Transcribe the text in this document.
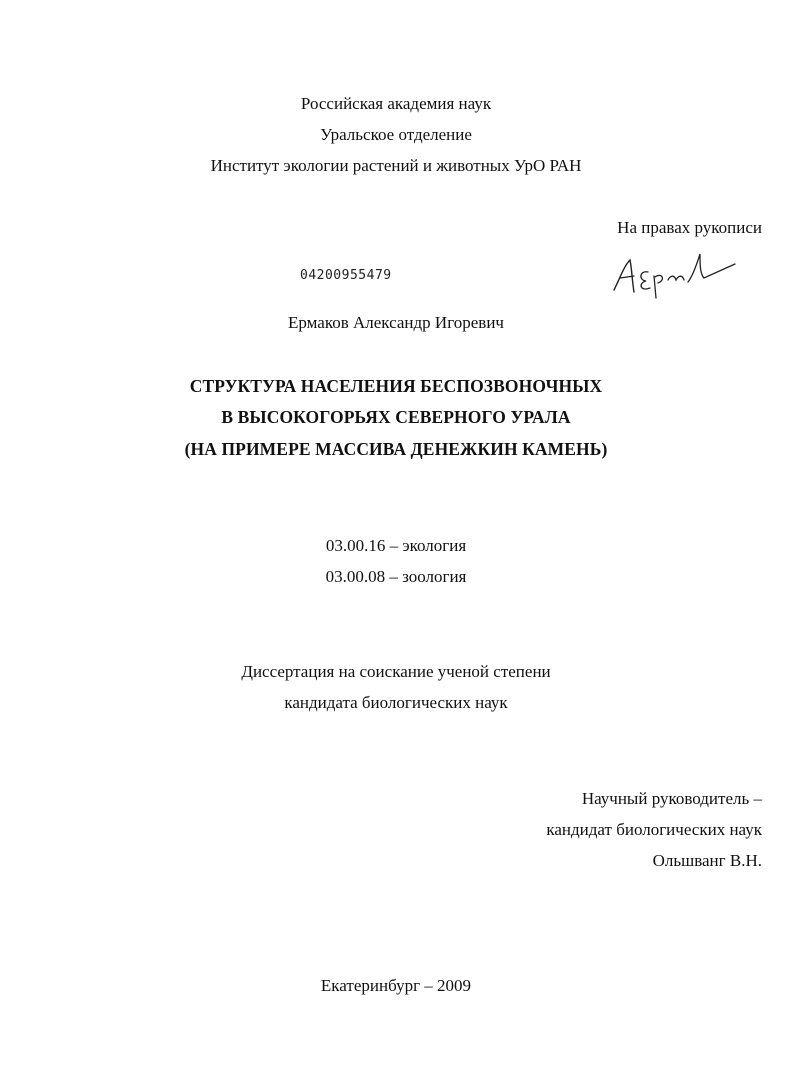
Российская академия наук
Уральское отделение
Институт экологии растений и животных УрО РАН
На правах рукописи
04200955479
Ермаков Александр Игоревич
СТРУКТУРА НАСЕЛЕНИЯ БЕСПОЗВОНОЧНЫХ
В ВЫСОКОГОРЬЯХ СЕВЕРНОГО УРАЛА
(НА ПРИМЕРЕ МАССИВА ДЕНЕЖКИН КАМЕНЬ)
03.00.16 – экология
03.00.08 – зоология
Диссертация на соискание ученой степени
кандидата биологических наук
Научный руководитель –
кандидат биологических наук
Ольшванг В.Н.
Екатеринбург – 2009
